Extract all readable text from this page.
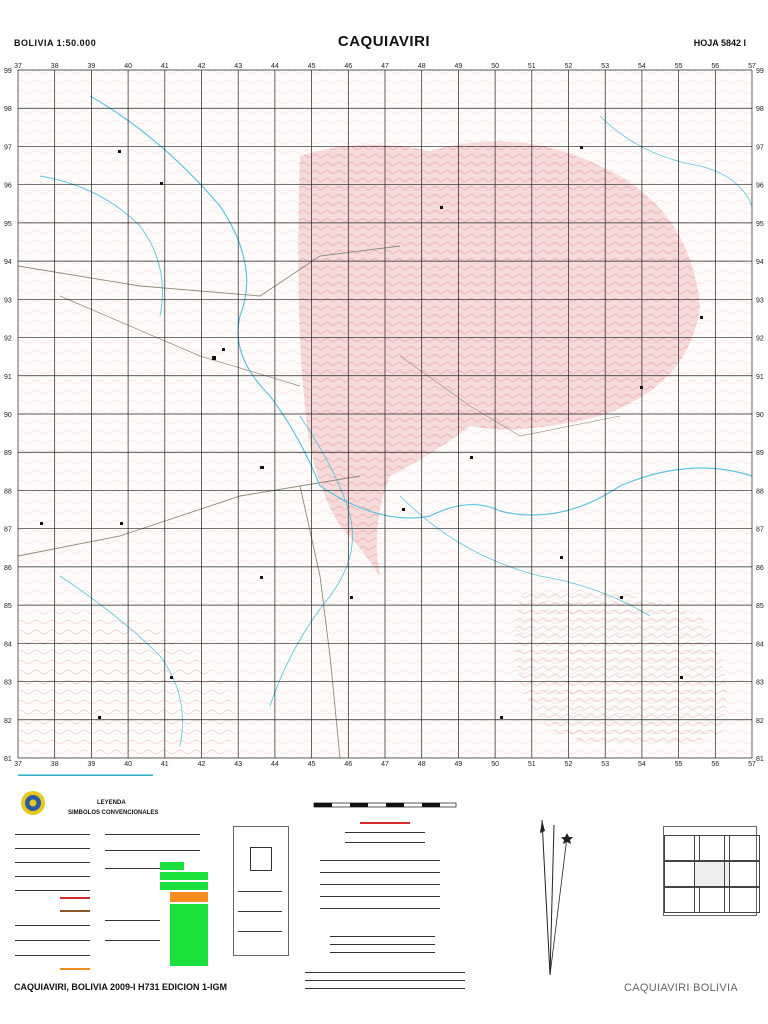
BOLIVIA 1:50.000	CAQUIAVIRI	HOJA 5842 I
37
37
38
38
39
39
40
40
41
41
42
42
43
43
44
44
45
45
46
46
47
47
48
48
49
49
50
50
51
51
52
52
53
53
54
54
55
55
56
56
57
57
99	99
98	98
97	97
96	96
95	95
94	94
93	93
92	92
91	91
90	90
89	89
88	88
87	87
86	86
85	85
84	84
83	83
82	82
81	81
▬▬▬▬▬▬▬▬▬▬▬▬▬▬▬▬▬▬▬▬▬▬▬▬▬▬▬
LEYENDA
SIMBOLOS CONVENCIONALES
CAQUIAVIRI, BOLIVIA 2009-I H731 EDICION 1-IGM	CAQUIAVIRI BOLIVIA
